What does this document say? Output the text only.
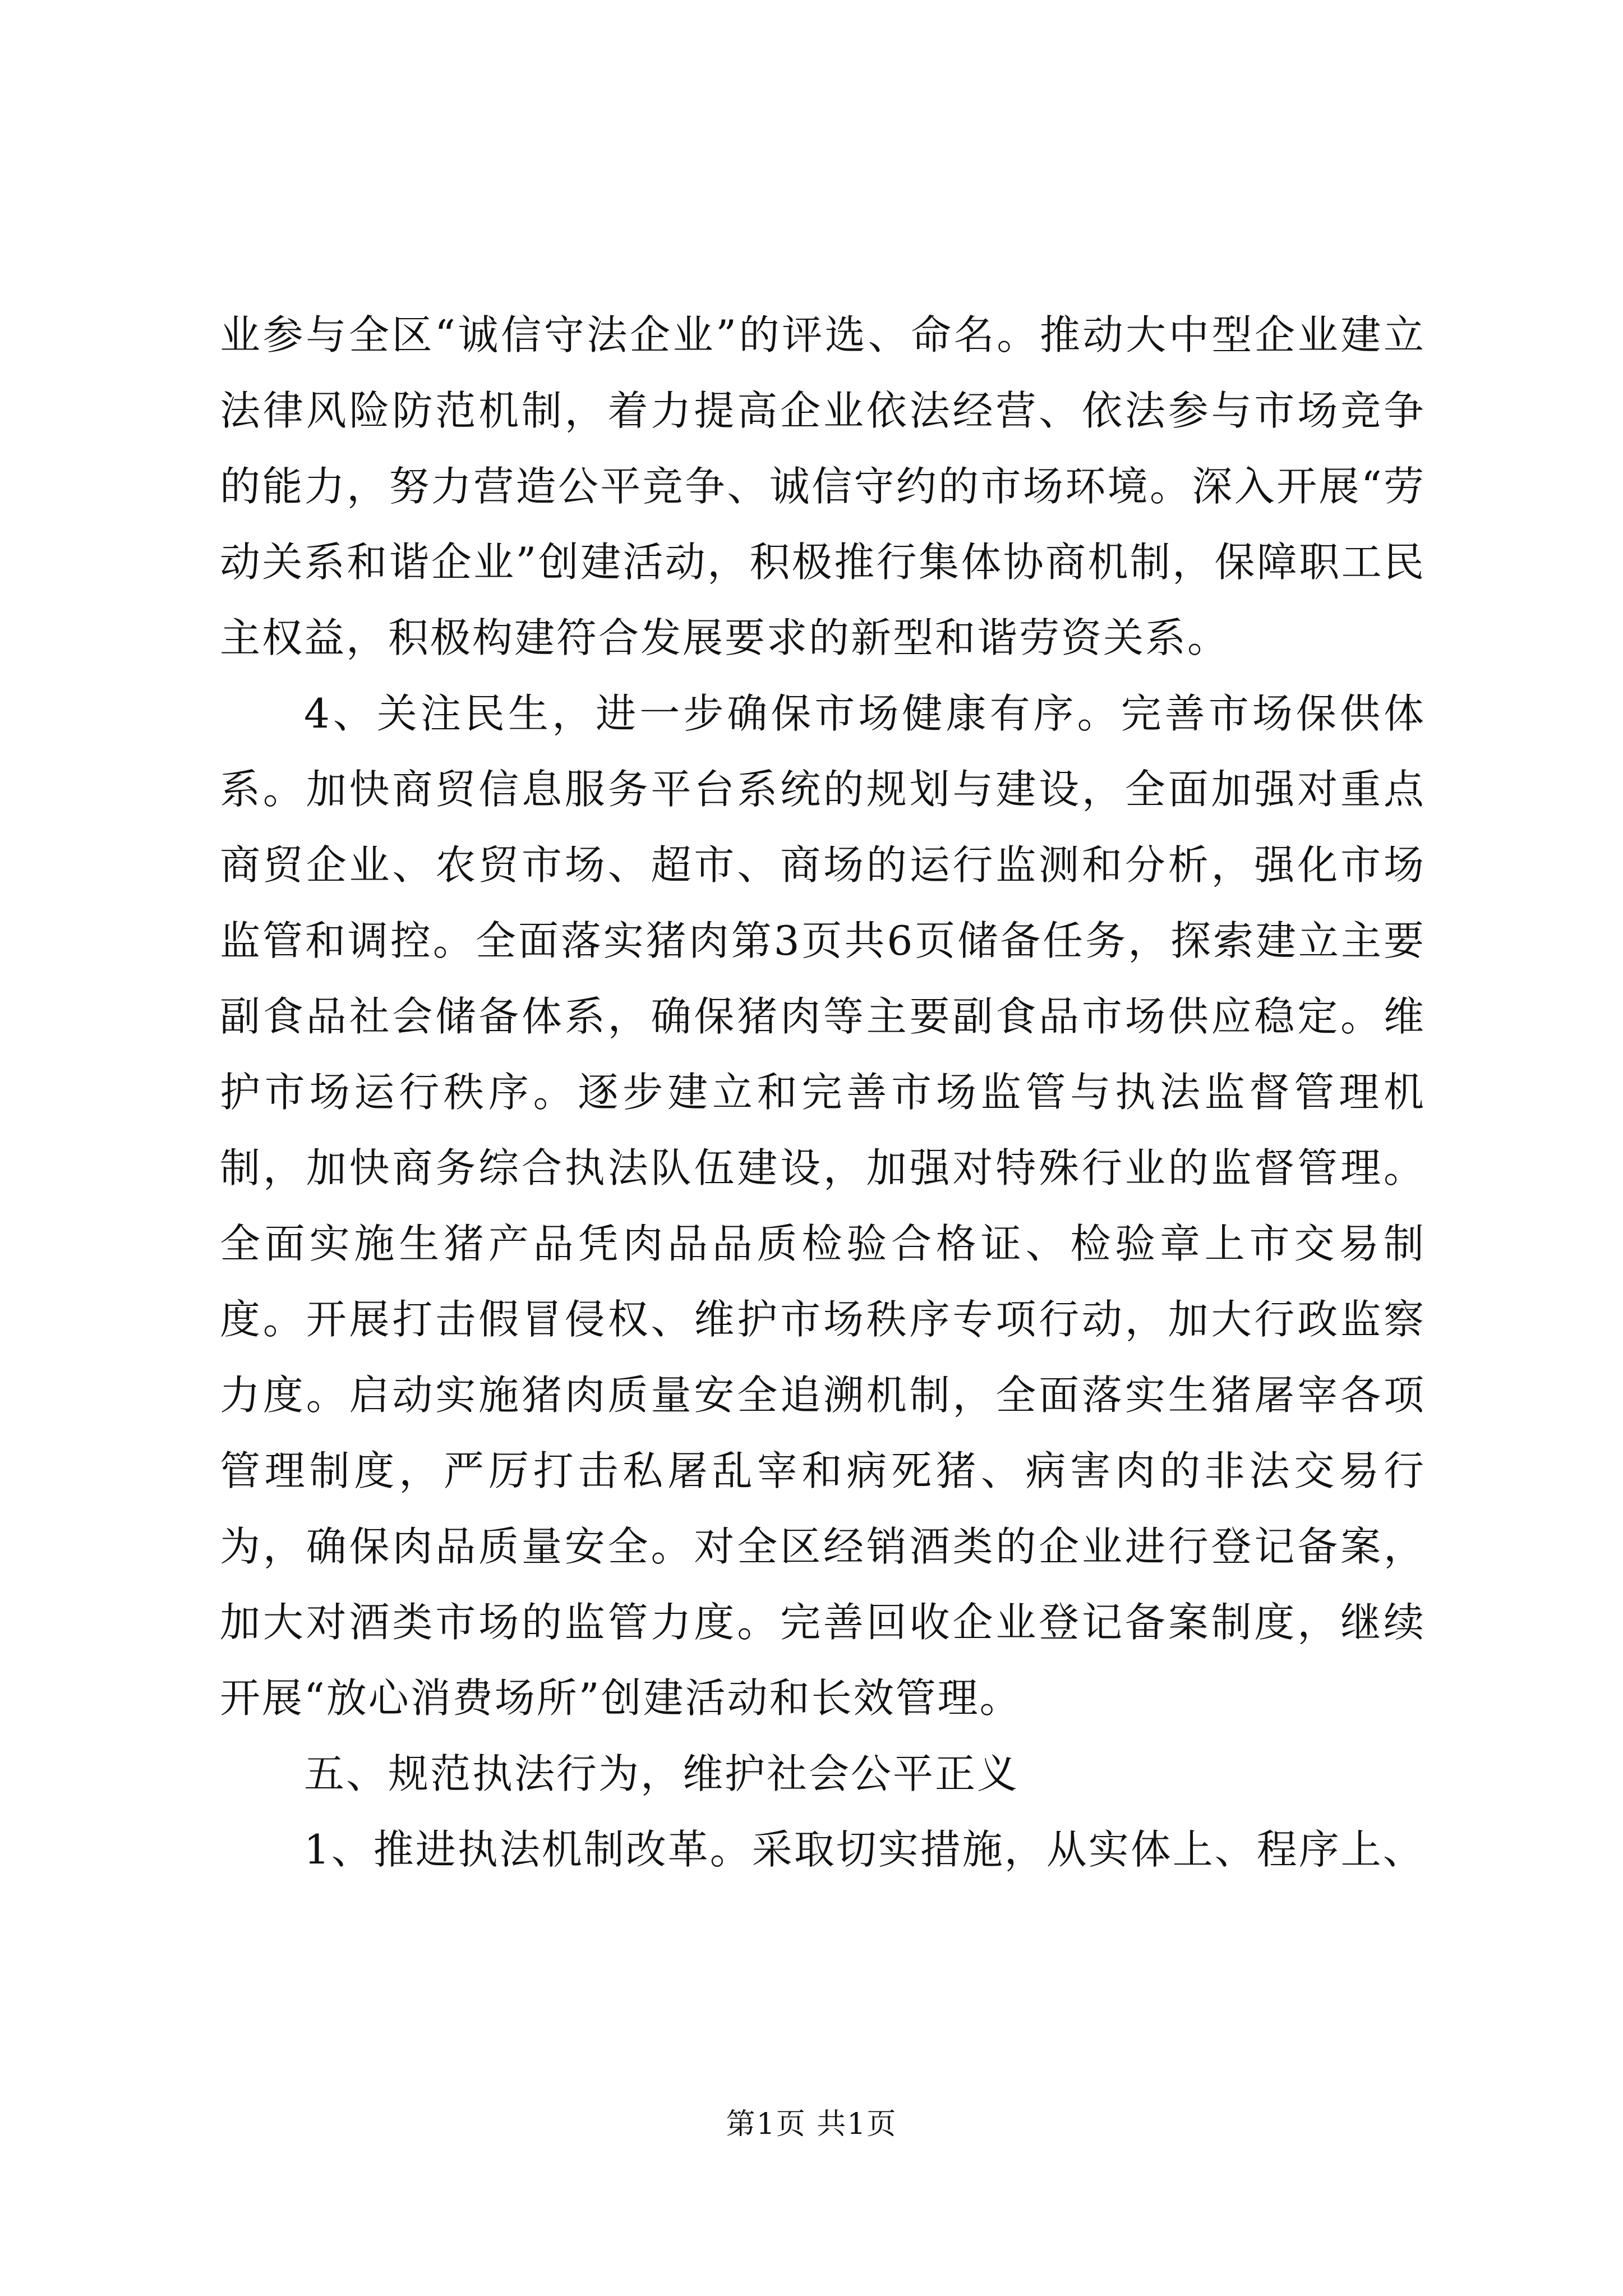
业参与全区“诚信守法企业”的评选、命名。推动大中型企业建立法律风险防范机制，着力提高企业依法经营、依法参与市场竞争的能力，努力营造公平竞争、诚信守约的市场环境。深入开展“劳动关系和谐企业”创建活动，积极推行集体协商机制，保障职工民主权益，积极构建符合发展要求的新型和谐劳资关系。

4、关注民生，进一步确保市场健康有序。完善市场保供体系。加快商贸信息服务平台系统的规划与建设，全面加强对重点商贸企业、农贸市场、超市、商场的运行监测和分析，强化市场监管和调控。全面落实猪肉第3页共6页储备任务，探索建立主要副食品社会储备体系，确保猪肉等主要副食品市场供应稳定。维护市场运行秩序。逐步建立和完善市场监管与执法监督管理机制，加快商务综合执法队伍建设，加强对特殊行业的监督管理。全面实施生猪产品凭肉品品质检验合格证、检验章上市交易制度。开展打击假冒侵权、维护市场秩序专项行动，加大行政监察力度。启动实施猪肉质量安全追溯机制，全面落实生猪屠宰各项管理制度，严厉打击私屠乱宰和病死猪、病害肉的非法交易行为，确保肉品质量安全。对全区经销酒类的企业进行登记备案，加大对酒类市场的监管力度。完善回收企业登记备案制度，继续开展“放心消费场所”创建活动和长效管理。

五、规范执法行为，维护社会公平正义

1、推进执法机制改革。采取切实措施，从实体上、程序上、

第1页 共1页
